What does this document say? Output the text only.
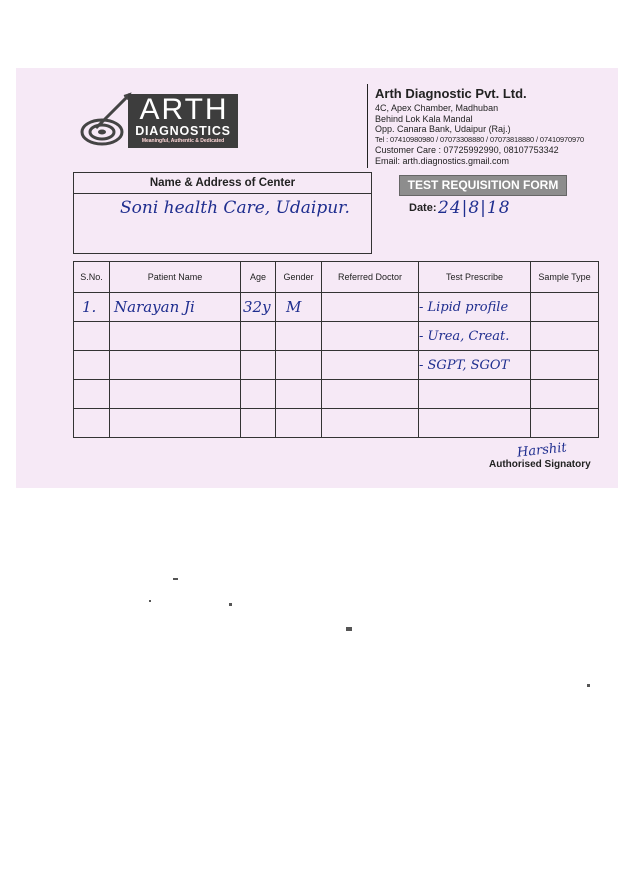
ARTH
DIAGNOSTICS
Meaningful, Authentic & Dedicated
Arth Diagnostic Pvt. Ltd.
4C, Apex Chamber, Madhuban
Behind Lok Kala Mandal
Opp. Canara Bank, Udaipur (Raj.)
Tel : 07410980980 / 07073308880 / 07073818880 / 07410970970
Customer Care : 07725992990, 08107753342
Email: arth.diagnostics.gmail.com
Name & Address of Center
Soni health Care, Udaipur.
TEST REQUISITION FORM
Date: 24|8|18
S.No.	Patient Name	Age	Gender	Referred Doctor	Test Prescribe	Sample Type
1.	Narayan Ji	32y	M		- Lipid profile	
					- Urea, Creat.	
					- SGPT, SGOT	

Harshit
Authorised Signatory
